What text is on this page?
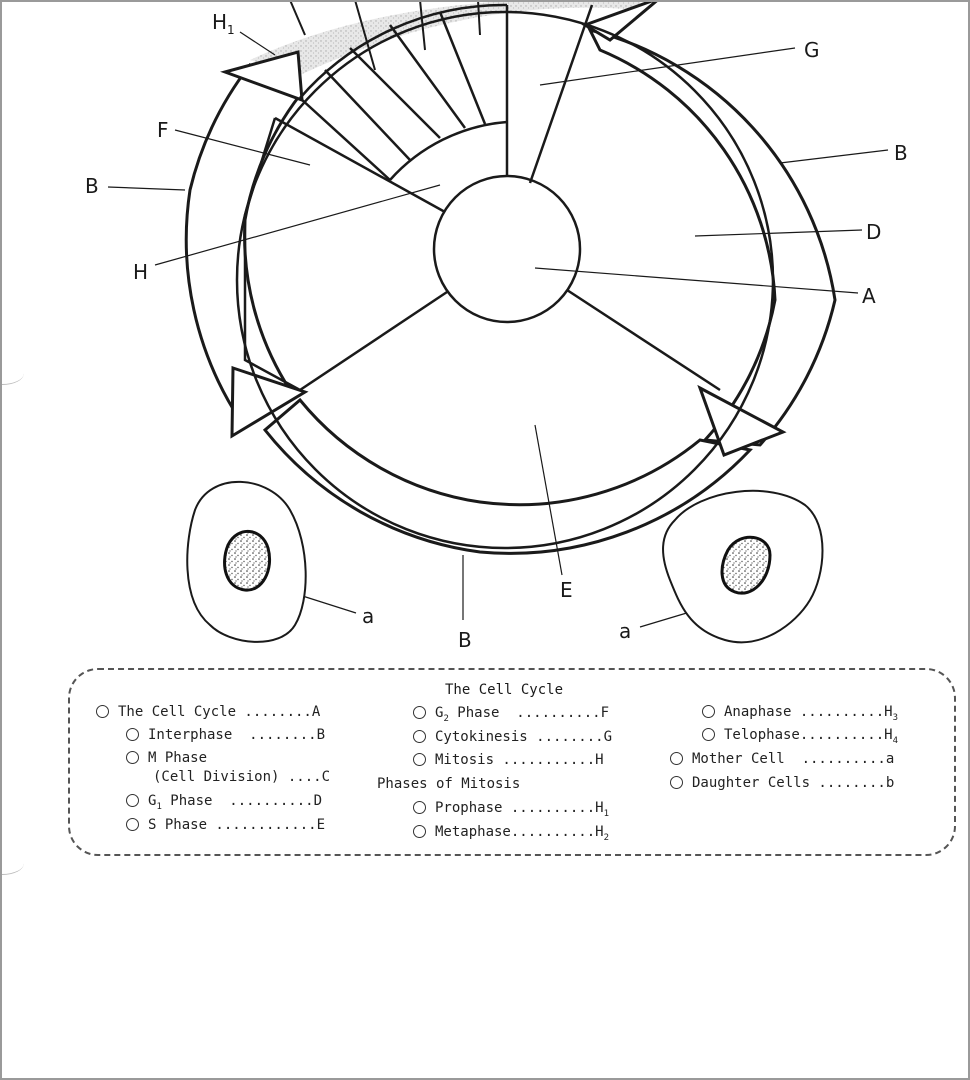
$H_1$
G
F
B
B
D
H
A
E
a
a
B
The Cell Cycle
The Cell Cycle ........A
Interphase  ........B
M Phase
(Cell Division) ....C
$G_1$ Phase  ..........D
S Phase ............E
$G_2$ Phase  ..........F
Cytokinesis ........G
Mitosis ...........H
Phases of Mitosis
Prophase $..........H_1$
$Metaphase..........H_2$
Anaphase $..........H_3$
$Telophase..........H_4$
Mother Cell  ..........a
Daughter Cells ........b
